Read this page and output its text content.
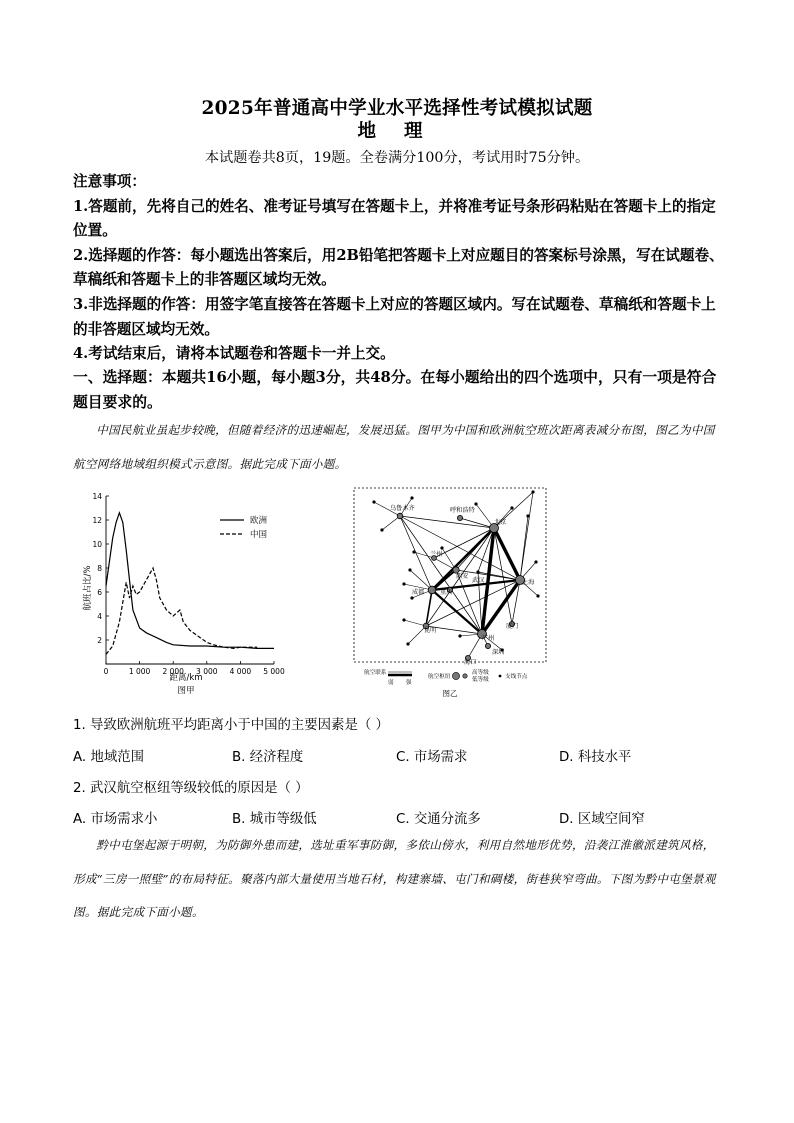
2025年普通高中学业水平选择性考试模拟试题
地理
本试题卷共8页，19题。全卷满分100分，考试用时75分钟。

注意事项：

1.答题前，先将自己的姓名、准考证号填写在答题卡上，并将准考证号条形码粘贴在答题卡上的指定位置。

2.选择题的作答：每小题选出答案后，用2B铅笔把答题卡上对应题目的答案标号涂黑，写在试题卷、草稿纸和答题卡上的非答题区域均无效。

3.非选择题的作答：用签字笔直接答在答题卡上对应的答题区域内。写在试题卷、草稿纸和答题卡上的非答题区域均无效。

4.考试结束后，请将本试题卷和答题卡一并上交。

一、选择题：本题共16小题，每小题3分，共48分。在每小题给出的四个选项中，只有一项是符合题目要求的。

中国民航业虽起步较晚，但随着经济的迅速崛起，发展迅猛。图甲为中国和欧洲航空班次距离表减分布图，图乙为中国航空网络地域组织模式示意图。据此完成下面小题。

14
12
10
8
6
4
2
0	1 000 2 000 3 000 4 000 5 000
航班占比/%
距离/km
图甲
欧洲
中国
乌鲁木齐	呼和浩特
北京
兰州
西安
武汉	上海
成都	重庆
昆明
厦门
广州
深圳
海口
航空联系
弱 强
航空枢纽
高等级
低等级	支线节点
图乙
1. 导致欧洲航班平均距离小于中国的主要因素是（ ）
A. 地域范围	B. 经济程度	C. 市场需求	D. 科技水平
2. 武汉航空枢纽等级较低的原因是（ ）
A. 市场需求小	B. 城市等级低	C. 交通分流多	D. 区域空间窄

黔中屯堡起源于明朝，为防御外患而建，选址重军事防御，多依山傍水，利用自然地形优势，沿袭江淮徽派建筑风格，形成“三房一照壁”的布局特征。聚落内部大量使用当地石材，构建寨墙、屯门和碉楼，街巷狭窄弯曲。下图为黔中屯堡景观图。据此完成下面小题。
